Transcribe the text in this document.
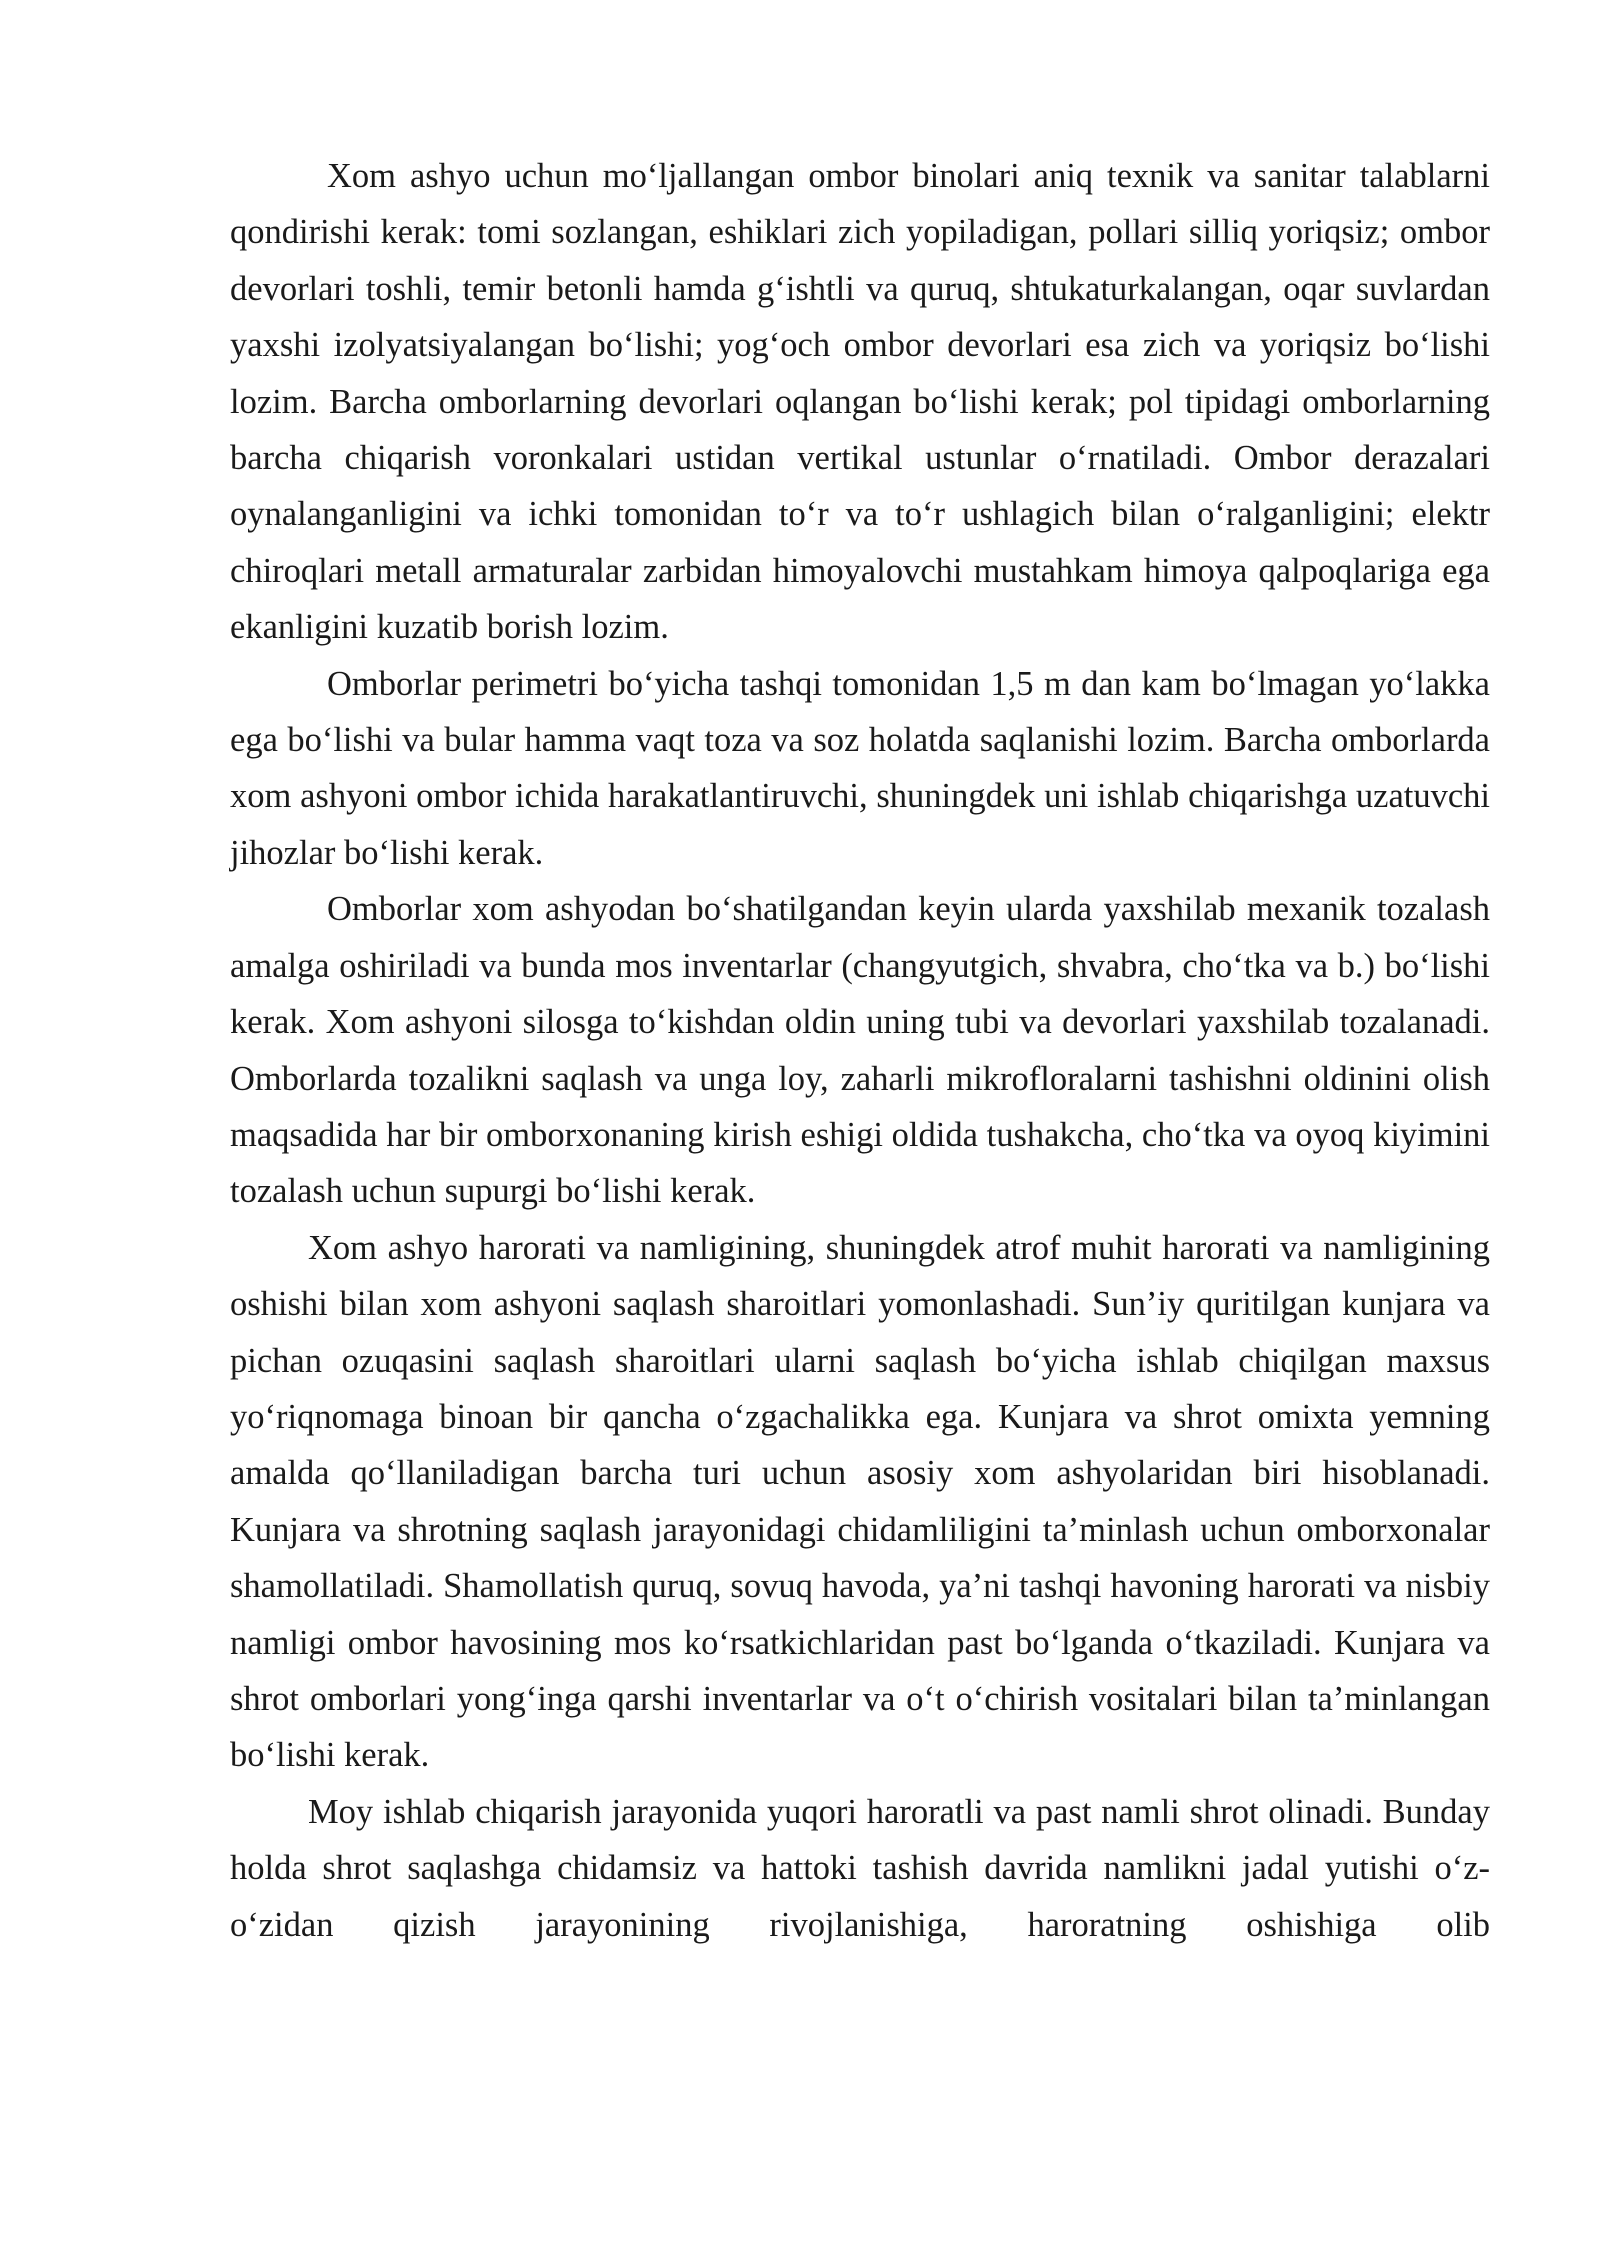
Xom ashyo uchun mo‘ljallangan ombor binolari aniq texnik va sanitar talablarni qondirishi kerak: tomi sozlangan, eshiklari zich yopiladigan, pollari silliq yoriqsiz; ombor devorlari toshli, temir betonli hamda g‘ishtli va quruq, shtukaturkalangan, oqar suvlardan yaxshi izolyatsiyalangan bo‘lishi; yog‘och ombor devorlari esa zich va yoriqsiz bo‘lishi lozim. Barcha omborlarning devorlari oqlangan bo‘lishi kerak; pol tipidagi omborlarning barcha chiqarish voronkalari ustidan vertikal ustunlar o‘rnatiladi. Ombor derazalari oynalanganligini va ichki tomonidan to‘r va to‘r ushlagich bilan o‘ralganligini; elektr chiroqlari metall armaturalar zarbidan himoyalovchi mustahkam himoya qalpoqlariga ega ekanligini kuzatib borish lozim.

Omborlar perimetri bo‘yicha tashqi tomonidan 1,5 m dan kam bo‘lmagan yo‘lakka ega bo‘lishi va bular hamma vaqt toza va soz holatda saqlanishi lozim. Barcha omborlarda xom ashyoni ombor ichida harakatlantiruvchi, shuningdek uni ishlab chiqarishga uzatuvchi jihozlar bo‘lishi kerak.

Omborlar xom ashyodan bo‘shatilgandan keyin ularda yaxshilab mexanik tozalash amalga oshiriladi va bunda mos inventarlar (changyutgich, shvabra, cho‘tka va b.) bo‘lishi kerak. Xom ashyoni silosga to‘kishdan oldin uning tubi va devorlari yaxshilab tozalanadi. Omborlarda tozalikni saqlash va unga loy, zaharli mikrofloralarni tashishni oldinini olish maqsadida har bir omborxonaning kirish eshigi oldida tushakcha, cho‘tka va oyoq kiyimini tozalash uchun supurgi bo‘lishi kerak.

Xom ashyo harorati va namligining, shuningdek atrof muhit harorati va namligining oshishi bilan xom ashyoni saqlash sharoitlari yomonlashadi. Sun’iy quritilgan kunjara va pichan ozuqasini saqlash sharoitlari ularni saqlash bo‘yicha ishlab chiqilgan maxsus yo‘riqnomaga binoan bir qancha o‘zgachalikka ega. Kunjara va shrot omixta yemning amalda qo‘llaniladigan barcha turi uchun asosiy xom ashyolaridan biri hisoblanadi. Kunjara va shrotning saqlash jarayonidagi chidamliligini ta’minlash uchun omborxonalar shamollatiladi. Shamollatish quruq, sovuq havoda, ya’ni tashqi havoning harorati va nisbiy namligi ombor havosining mos ko‘rsatkichlaridan past bo‘lganda o‘tkaziladi. Kunjara va shrot omborlari yong‘inga qarshi inventarlar va o‘t o‘chirish vositalari bilan ta’minlangan bo‘lishi kerak.

Moy ishlab chiqarish jarayonida yuqori haroratli va past namli shrot olinadi. Bunday holda shrot saqlashga chidamsiz va hattoki tashish davrida namlikni jadal yutishi o‘z-o‘zidan qizish jarayonining rivojlanishiga, haroratning oshishiga olib
